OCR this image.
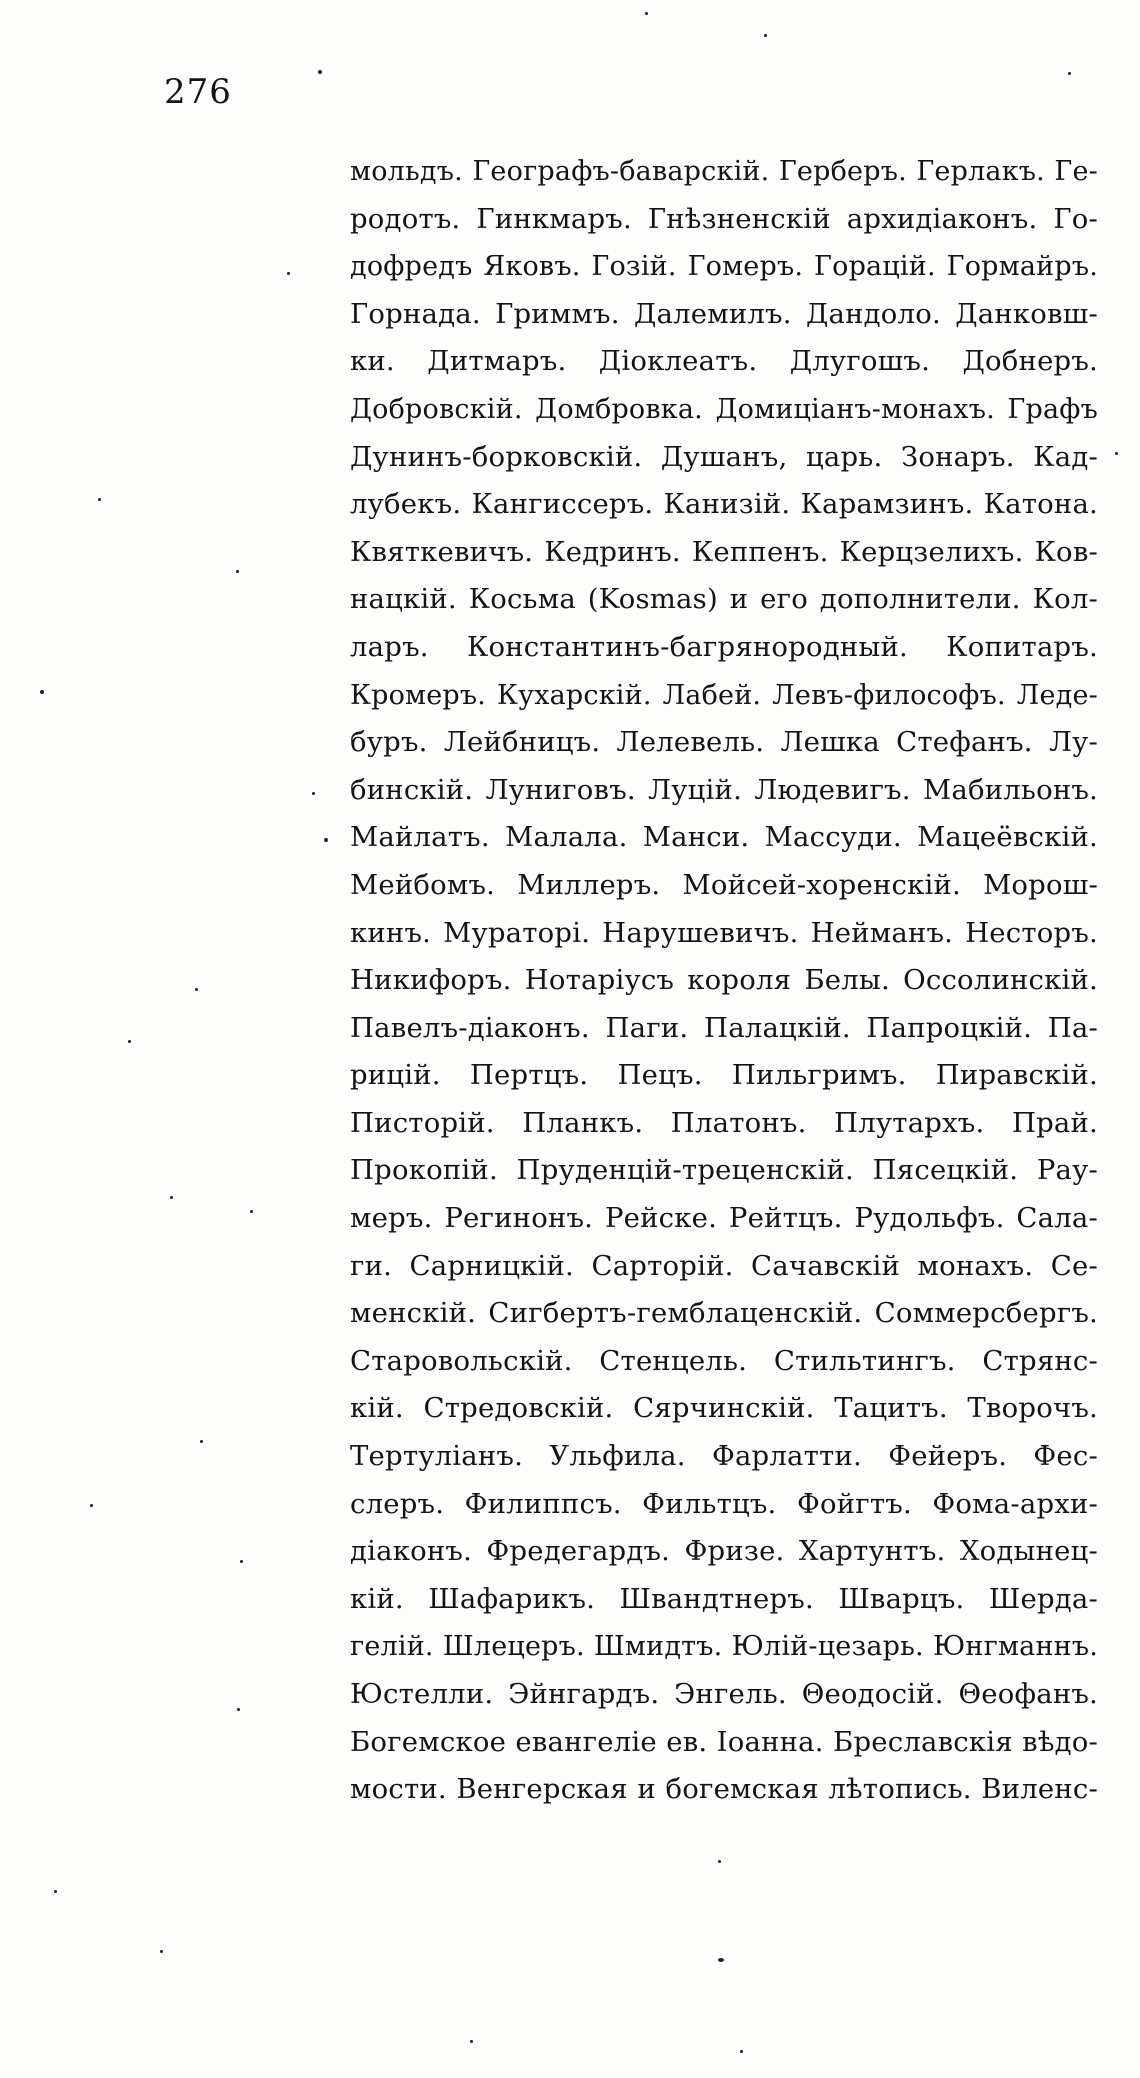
276
мольдъ. Географъ-баварскій. Герберъ. Герлакъ. Ге-
родотъ. Гинкмаръ. Гнѣзненскій архидіаконъ. Го-
дофредъ Яковъ. Гозій. Гомеръ. Горацій. Гормайръ.
Горнада. Гриммъ. Далемилъ. Дандоло. Данковш-
ки. Дитмаръ. Діоклеатъ. Длугошъ. Добнеръ.
Добровскій. Домбровка. Домиціанъ-монахъ. Графъ
Дунинъ-борковскій. Душанъ, царь. Зонаръ. Кад-
лубекъ. Кангиссеръ. Канизій. Карамзинъ. Катона.
Квяткевичъ. Кедринъ. Кеппенъ. Керцзелихъ. Ков-
нацкій. Косьма (Kosmas) и его дополнители. Кол-
ларъ. Константинъ-багрянородный. Копитаръ.
Кромеръ. Кухарскій. Лабей. Левъ-философъ. Леде-
буръ. Лейбницъ. Лелевель. Лешка Стефанъ. Лу-
бинскій. Луниговъ. Луцій. Людевигъ. Мабильонъ.
Майлатъ. Малала. Манси. Массуди. Мацеёвскій.
Мейбомъ. Миллеръ. Мойсей-хоренскій. Морош-
кинъ. Мураторі. Нарушевичъ. Нейманъ. Несторъ.
Никифоръ. Нотаріусъ короля Белы. Оссолинскій.
Павелъ-діаконъ. Паги. Палацкій. Папроцкій. Па-
рицій. Пертцъ. Пецъ. Пильгримъ. Пиравскій.
Писторій. Планкъ. Платонъ. Плутархъ. Прай.
Прокопій. Пруденцій-треценскій. Пясецкій. Рау-
меръ. Регинонъ. Рейске. Рейтцъ. Рудольфъ. Сала-
ги. Сарницкій. Сарторій. Сачавскій монахъ. Се-
менскій. Сигбертъ-гемблаценскій. Соммерсбергъ.
Старовольскій. Стенцель. Стильтингъ. Стрянс-
кій. Стредовскій. Сярчинскій. Тацитъ. Творочъ.
Тертуліанъ. Ульфила. Фарлатти. Фейеръ. Фес-
слеръ. Филиппсъ. Фильтцъ. Фойгтъ. Фома-архи-
діаконъ. Фредегардъ. Фризе. Хартунтъ. Ходынец-
кій. Шафарикъ. Швандтнеръ. Шварцъ. Шерда-
гелій. Шлецеръ. Шмидтъ. Юлій-цезарь. Юнгманнъ.
Юстелли. Эйнгардъ. Энгель. Θеодосій. Θеофанъ.
Богемское евангеліе ев. Іоанна. Бреславскія вѣдо-
мости. Венгерская и богемская лѣтопись. Виленс-
